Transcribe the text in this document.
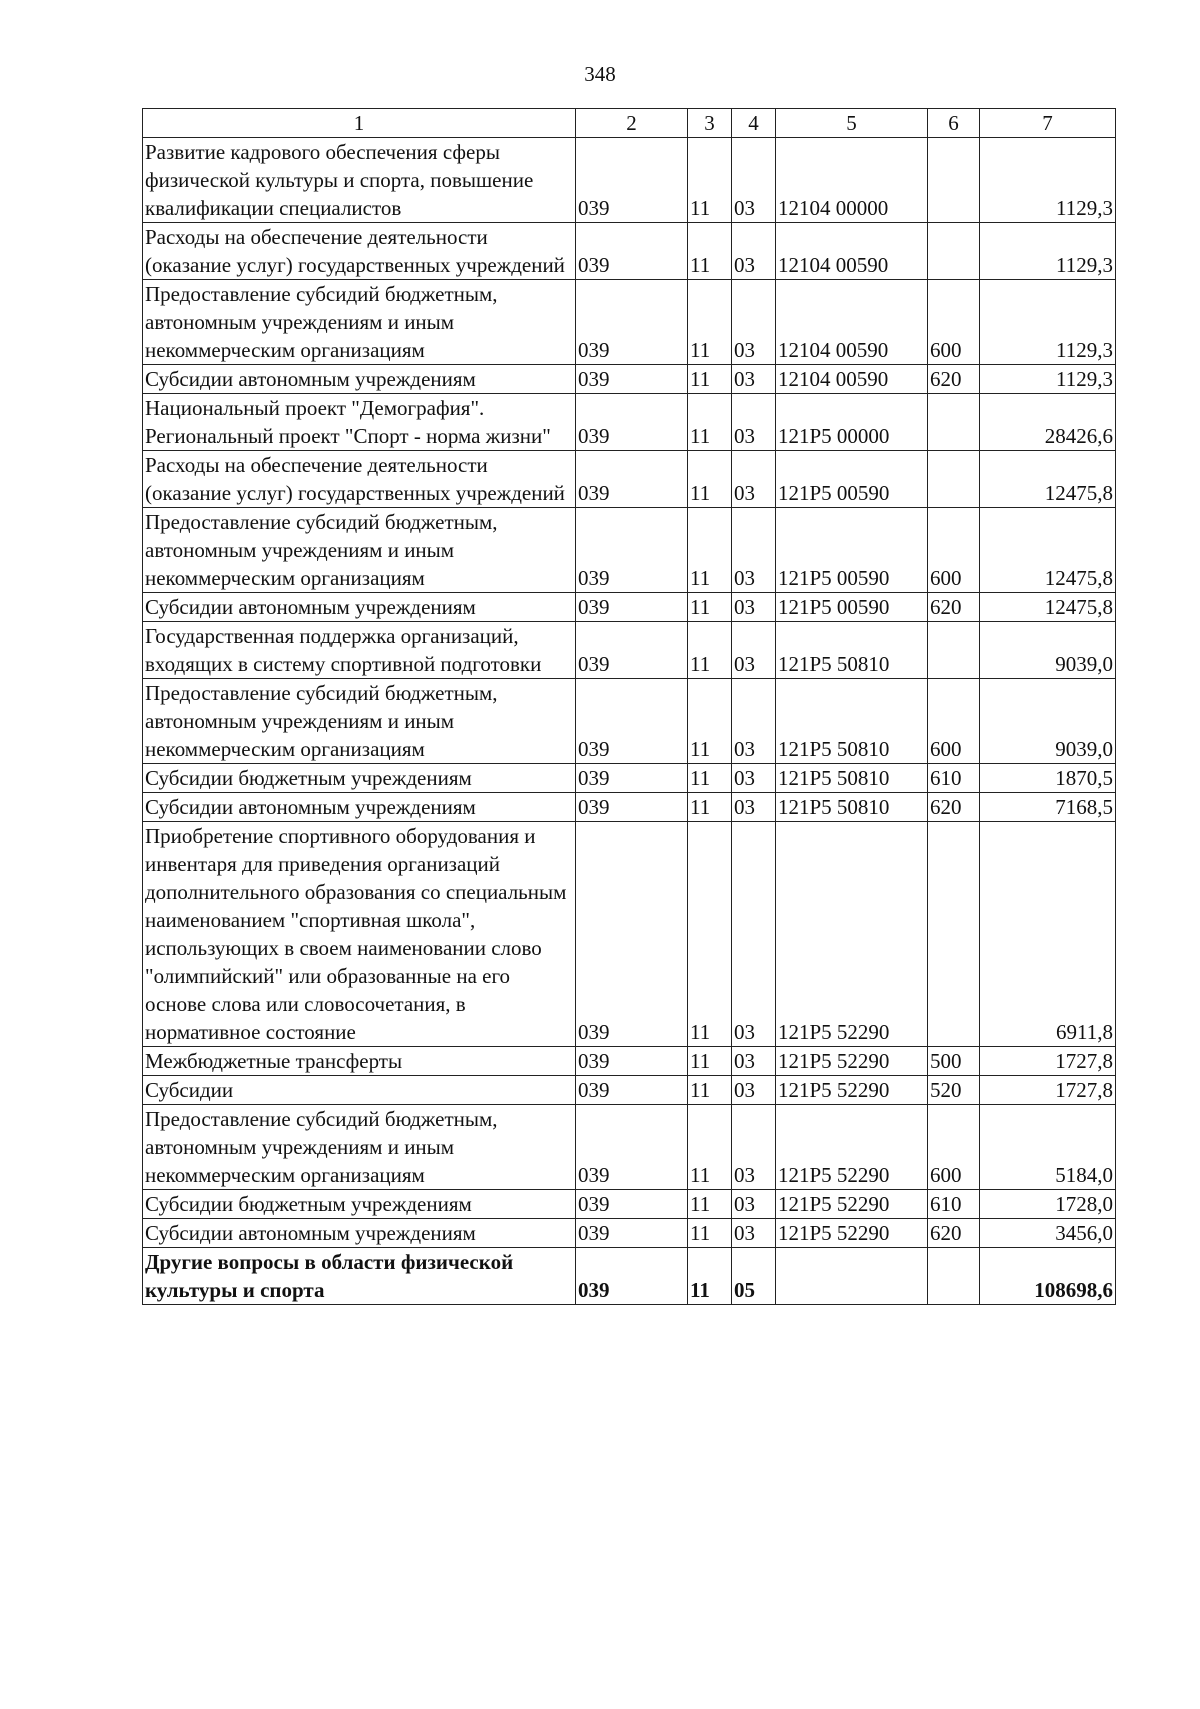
348
1	2	3	4	5	6	7
Развитие кадрового обеспечения сферы физической культуры и спорта, повышение квалификации специалистов	039	11	03	12104 00000		1129,3
Расходы на обеспечение деятельности (оказание услуг) государственных учреждений	039	11	03	12104 00590		1129,3
Предоставление субсидий бюджетным, автономным учреждениям и иным некоммерческим организациям	039	11	03	12104 00590	600	1129,3
Субсидии автономным учреждениям	039	11	03	12104 00590	620	1129,3
Национальный проект "Демография". Региональный проект "Спорт - норма жизни"	039	11	03	121P5 00000		28426,6
Расходы на обеспечение деятельности (оказание услуг) государственных учреждений	039	11	03	121P5 00590		12475,8
Предоставление субсидий бюджетным, автономным учреждениям и иным некоммерческим организациям	039	11	03	121P5 00590	600	12475,8
Субсидии автономным учреждениям	039	11	03	121P5 00590	620	12475,8
Государственная поддержка организаций, входящих в систему спортивной подготовки	039	11	03	121P5 50810		9039,0
Предоставление субсидий бюджетным, автономным учреждениям и иным некоммерческим организациям	039	11	03	121P5 50810	600	9039,0
Субсидии бюджетным учреждениям	039	11	03	121P5 50810	610	1870,5
Субсидии автономным учреждениям	039	11	03	121P5 50810	620	7168,5
Приобретение спортивного оборудования и инвентаря для приведения организаций дополнительного образования со специальным наименованием "спортивная школа", использующих в своем наименовании слово "олимпийский" или образованные на его основе слова или словосочетания, в нормативное состояние	039	11	03	121P5 52290		6911,8
Межбюджетные трансферты	039	11	03	121P5 52290	500	1727,8
Субсидии	039	11	03	121P5 52290	520	1727,8
Предоставление субсидий бюджетным, автономным учреждениям и иным некоммерческим организациям	039	11	03	121P5 52290	600	5184,0
Субсидии бюджетным учреждениям	039	11	03	121P5 52290	610	1728,0
Субсидии автономным учреждениям	039	11	03	121P5 52290	620	3456,0
Другие вопросы в области физической культуры и спорта	039	11	05			108698,6
